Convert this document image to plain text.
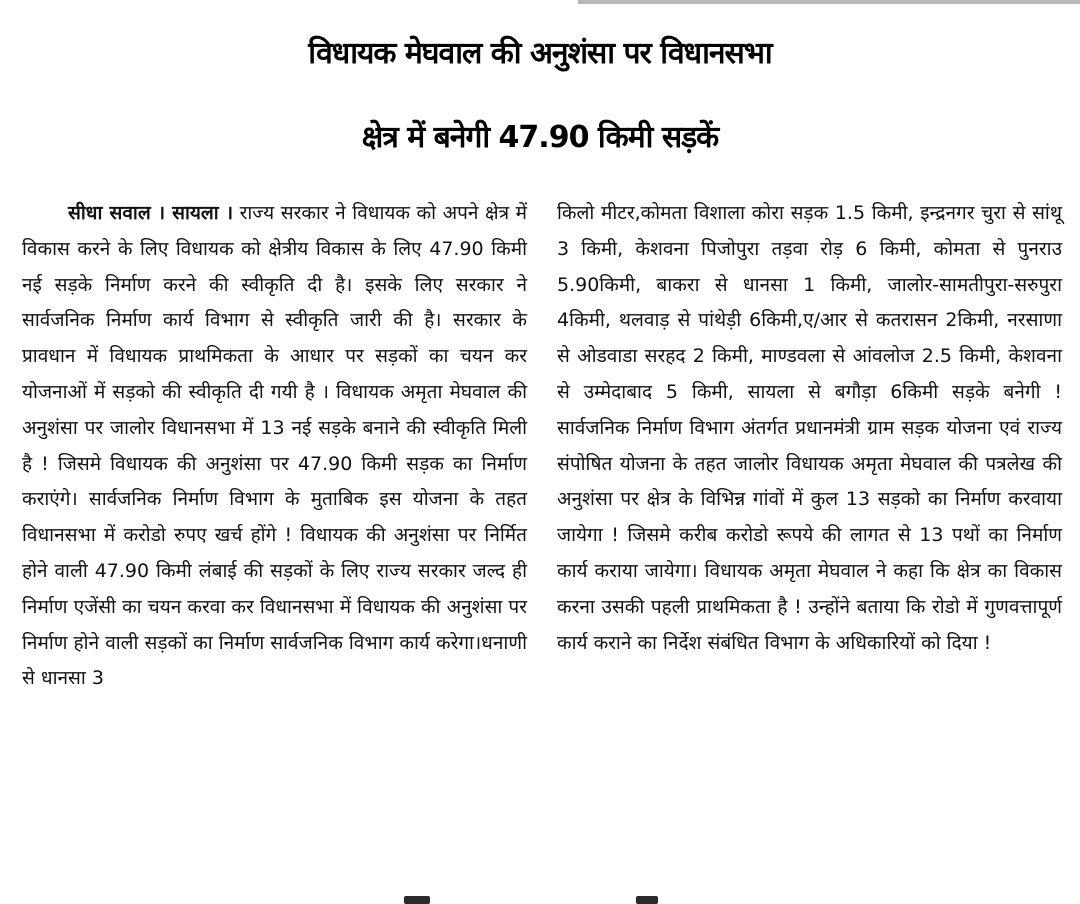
विधायक मेघवाल की अनुशंसा पर विधानसभा
क्षेत्र में बनेगी 47.90 किमी सड़कें

सीधा सवाल । सायला । राज्य सरकार ने विधायक को अपने क्षेत्र में विकास करने के लिए विधायक को क्षेत्रीय विकास के लिए 47.90 किमी नई सड़के निर्माण करने की स्वीकृति दी है। इसके लिए सरकार ने सार्वजनिक निर्माण कार्य विभाग से स्वीकृति जारी की है। सरकार के प्रावधान में विधायक प्राथमिकता के आधार पर सड़कों का चयन कर योजनाओं में सड़को की स्वीकृति दी गयी है । विधायक अमृता मेघवाल की अनुशंसा पर जालोर विधानसभा में 13 नई सड़के बनाने की स्वीकृति मिली है ! जिसमे विधायक की अनुशंसा पर 47.90 किमी सड़क का निर्माण कराएंगे। सार्वजनिक निर्माण विभाग के मुताबिक इस योजना के तहत विधानसभा में करोडो रुपए खर्च होंगे ! विधायक की अनुशंसा पर निर्मित होने वाली 47.90 किमी लंबाई की सड़कों के लिए राज्य सरकार जल्द ही निर्माण एजेंसी का चयन करवा कर विधानसभा में विधायक की अनुशंसा पर निर्माण होने वाली सड़कों का निर्माण सार्वजनिक विभाग कार्य करेगा।धनाणी से धानसा 3

किलो मीटर,कोमता विशाला कोरा सड़क 1.5 किमी, इन्द्रनगर चुरा से सांथू 3 किमी, केशवना पिजोपुरा तड़वा रोड़ 6 किमी, कोमता से पुनराउ 5.90किमी, बाकरा से धानसा 1 किमी, जालोर-सामतीपुरा-सरुपुरा 4किमी, थलवाड़ से पांथेड़ी 6किमी,ए/आर से कतरासन 2किमी, नरसाणा से ओडवाडा सरहद 2 किमी, माण्डवला से आंवलोज 2.5 किमी, केशवना से उम्मेदाबाद 5 किमी, सायला से बगौड़ा 6किमी सड़के बनेगी ! सार्वजनिक निर्माण विभाग अंतर्गत प्रधानमंत्री ग्राम सड़क योजना एवं राज्य संपोषित योजना के तहत जालोर विधायक अमृता मेघवाल की पत्रलेख की अनुशंसा पर क्षेत्र के विभिन्न गांवों में कुल 13 सड़को का निर्माण करवाया जायेगा ! जिसमे करीब करोडो रूपये की लागत से 13 पथों का निर्माण कार्य कराया जायेगा। विधायक अमृता मेघवाल ने कहा कि क्षेत्र का विकास करना उसकी पहली प्राथमिकता है ! उन्होंने बताया कि रोडो में गुणवत्तापूर्ण कार्य कराने का निर्देश संबंधित विभाग के अधिकारियों को दिया !
